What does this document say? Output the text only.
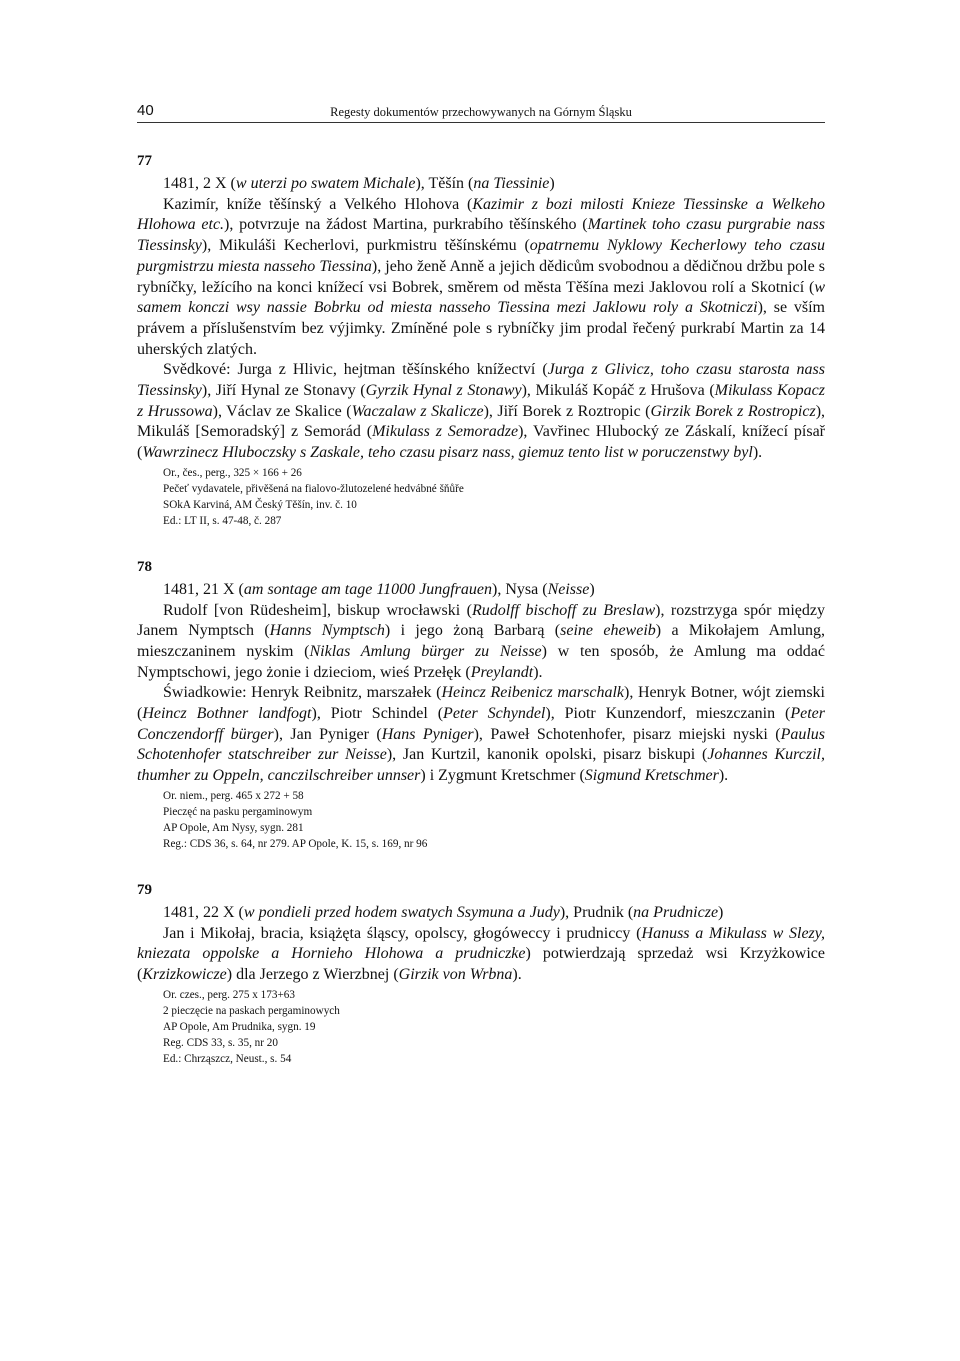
40	Regesty dokumentów przechowywanych na Górnym Śląsku
77

1481, 2 X (w uterzi po swatem Michale), Těšín (na Tiessinie)

Kazimír, kníže těšínský a Velkého Hlohova (Kazimir z bozi milosti Knieze Tiessinske a Welkeho Hlohowa etc.), potvrzuje na žádost Martina, purkrabího těšínského (Martinek toho czasu purgrabie nass Tiessinsky), Mikuláši Kecherlovi, purkmistru těšínskému (opatrnemu Nyklowy Kecherlowy teho czasu purgmistrzu miesta nasseho Tiessina), jeho ženě Anně a jejich dědicům svobodnou a dědičnou držbu pole s rybníčky, ležícího na konci knížecí vsi Bobrek, směrem od města Těšína mezi Jaklovou rolí a Skotnicí (w samem konczi wsy nassie Bobrku od miesta nasseho Tiessina mezi Jaklowu roly a Skotniczi), se vším právem a příslušenstvím bez výjimky. Zmíněné pole s rybníčky jim prodal řečený purkrabí Martin za 14 uherských zlatých.

Svědkové: Jurga z Hlivic, hejtman těšínského knížectví (Jurga z Glivicz, toho czasu starosta nass Tiessinsky), Jiří Hynal ze Stonavy (Gyrzik Hynal z Stonawy), Mikuláš Kopáč z Hrušova (Mikulass Kopacz z Hrussowa), Václav ze Skalice (Waczalaw z Skalicze), Jiří Borek z Roztropic (Girzik Borek z Rostropicz), Mikuláš [Semoradský] z Semorád (Mikulass z Semoradze), Vavřinec Hlubocký ze Záskalí, knížecí písař (Wawrzinecz Hluboczsky s Zaskale, teho czasu pisarz nass, giemuz tento list w poruczenstwy byl).

Or., čes., perg., 325 × 166 + 26

Pečeť vydavatele, přivěšená na fialovo-žlutozelené hedvábné šňůře

SOkA Karviná, AM Český Těšín, inv. č. 10

Ed.: LT II, s. 47-48, č. 287

78

1481, 21 X (am sontage am tage 11000 Jungfrauen), Nysa (Neisse)

Rudolf [von Rüdesheim], biskup wrocławski (Rudolff bischoff zu Breslaw), rozstrzyga spór między Janem Nymptsch (Hanns Nymptsch) i jego żoną Barbarą (seine eheweib) a Mikołajem Amlung, mieszczaninem nyskim (Niklas Amlung bürger zu Neisse) w ten sposób, że Amlung ma oddać Nymptschowi, jego żonie i dzieciom, wieś Przełęk (Preylandt).

Świadkowie: Henryk Reibnitz, marszałek (Heincz Reibenicz marschalk), Henryk Botner, wójt ziemski (Heincz Bothner landfogt), Piotr Schindel (Peter Schyndel), Piotr Kunzendorf, mieszczanin (Peter Conczendorff bürger), Jan Pyniger (Hans Pyniger), Paweł Schotenhofer, pisarz miejski nyski (Paulus Schotenhofer statschreiber zur Neisse), Jan Kurtzil, kanonik opolski, pisarz biskupi (Johannes Kurczil, thumher zu Oppeln, canczilschreiber unnser) i Zygmunt Kretschmer (Sigmund Kretschmer).

Or. niem., perg. 465 x 272 + 58

Pieczęć na pasku pergaminowym

AP Opole, Am Nysy, sygn. 281

Reg.: CDS 36, s. 64, nr 279. AP Opole, K. 15, s. 169, nr 96

79

1481, 22 X (w pondieli przed hodem swatych Ssymuna a Judy), Prudnik (na Prudnicze)

Jan i Mikołaj, bracia, książęta śląscy, opolscy, głogóweccy i prudniccy (Hanuss a Mikulass w Slezy, kniezata oppolske a Hornieho Hlohowa a prudniczke) potwierdzają sprzedaż wsi Krzyżkowice (Krzizkowicze) dla Jerzego z Wierzbnej (Girzik von Wrbna).

Or. czes., perg. 275 x 173+63

2 pieczęcie na paskach pergaminowych

AP Opole, Am Prudnika, sygn. 19

Reg. CDS 33, s. 35, nr 20

Ed.: Chrząszcz, Neust., s. 54
